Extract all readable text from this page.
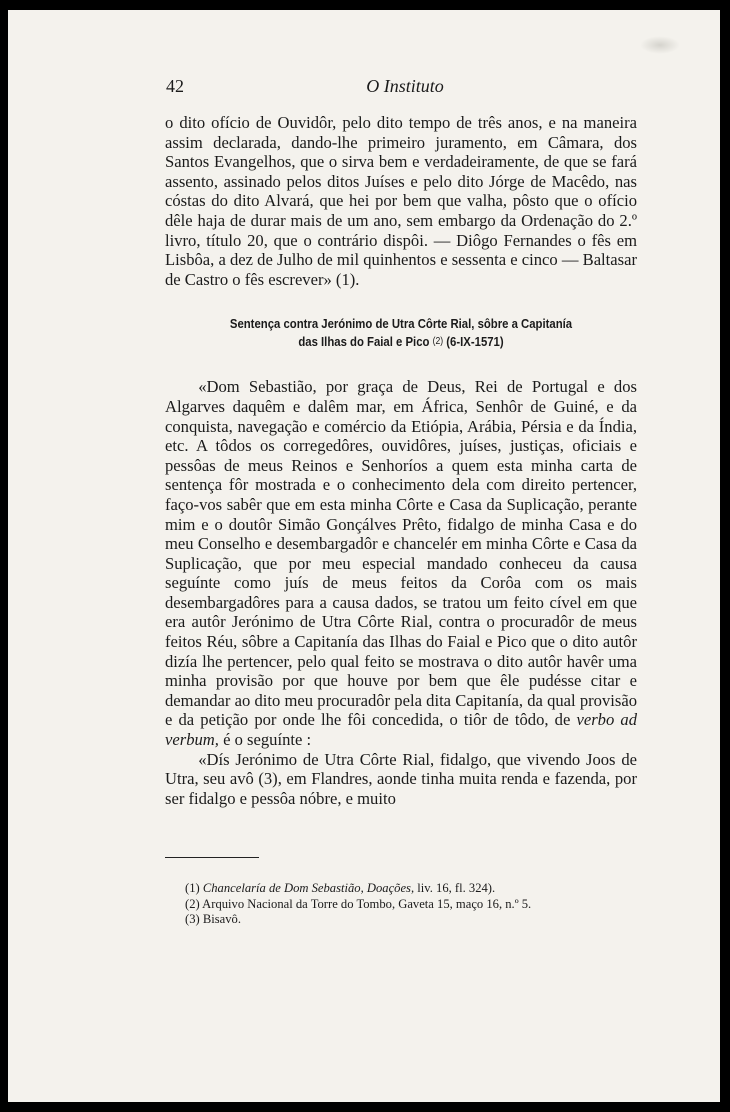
42	O Instituto

o dito ofício de Ouvidôr, pelo dito tempo de três anos, e na maneira assim declarada, dando-lhe primeiro juramento, em Câmara, dos Santos Evangelhos, que o sirva bem e verdadeiramente, de que se fará assento, assinado pelos ditos Juíses e pelo dito Jórge de Macêdo, nas cóstas do dito Alvará, que hei por bem que valha, pôsto que o ofício dêle haja de durar mais de um ano, sem embargo da Ordenação do 2.º livro, título 20, que o contrário dispôi. — Diôgo Fernandes o fês em Lisbôa, a dez de Julho de mil quinhentos e sessenta e cinco — Baltasar de Castro o fês escrever» (1).

Sentença contra Jerónimo de Utra Côrte Rial, sôbre a Capitanía
das Ilhas do Faial e Pico (2) (6-IX-1571)

«Dom Sebastião, por graça de Deus, Rei de Portugal e dos Algarves daquêm e dalêm mar, em África, Senhôr de Guiné, e da conquista, navegação e comércio da Etiópia, Arábia, Pérsia e da Índia, etc. A tôdos os corregedôres, ouvidôres, juíses, justiças, oficiais e pessôas de meus Reinos e Senhoríos a quem esta minha carta de sentença fôr mostrada e o conhecimento dela com direito pertencer, faço-vos sabêr que em esta minha Côrte e Casa da Suplicação, perante mim e o doutôr Simão Gonçálves Prêto, fidalgo de minha Casa e do meu Conselho e desembargadôr e chancelér em minha Côrte e Casa da Suplicação, que por meu especial mandado conheceu da causa seguínte como juís de meus feitos da Corôa com os mais desembargadôres para a causa dados, se tratou um feito cível em que era autôr Jerónimo de Utra Côrte Rial, contra o procuradôr de meus feitos Réu, sôbre a Capitanía das Ilhas do Faial e Pico que o dito autôr dizía lhe pertencer, pelo qual feito se mostrava o dito autôr havêr uma minha provisão por que houve por bem que êle pudésse citar e demandar ao dito meu procuradôr pela dita Capitanía, da qual provisão e da petição por onde lhe fôi concedida, o tiôr de tôdo, de verbo ad verbum, é o seguínte :

«Dís Jerónimo de Utra Côrte Rial, fidalgo, que vivendo Joos de Utra, seu avô (3), em Flandres, aonde tinha muita renda e fazenda, por ser fidalgo e pessôa nóbre, e muito

(1) Chancelaría de Dom Sebastião, Doações, liv. 16, fl. 324).

(2) Arquivo Nacional da Torre do Tombo, Gaveta 15, maço 16, n.º 5.

(3) Bisavô.
